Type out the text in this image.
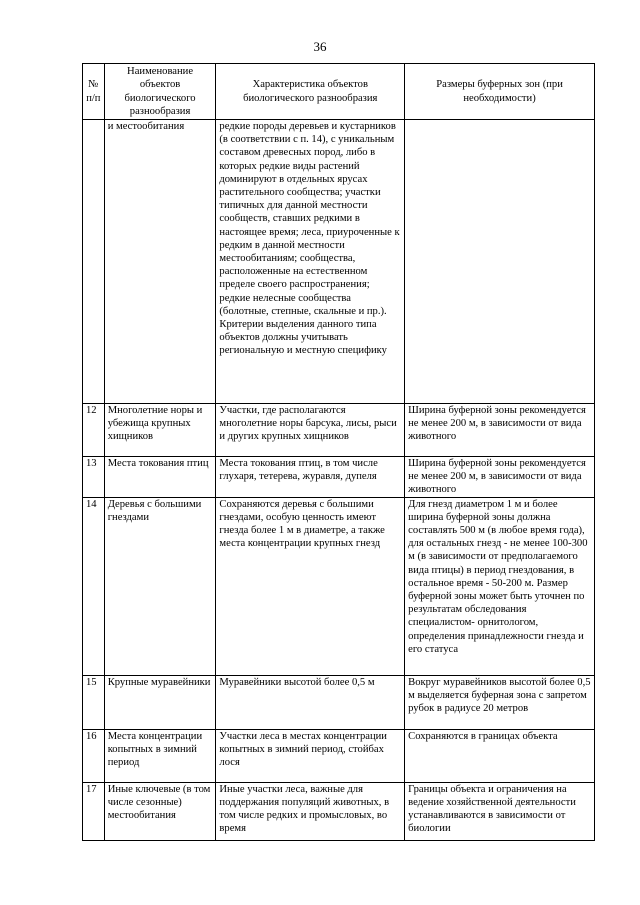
36
№ п/п	Наименование объектов биологического разнообразия	Характеристика объектов биологического разнообразия	Размеры буферных зон (при необходимости)
	и местообитания	редкие породы деревьев и кустарников (в соответствии с п. 14), с уникальным составом древесных пород, либо в которых редкие виды растений доминируют в отдельных ярусах растительного сообщества; участки типичных для данной местности сообществ, ставших редкими в настоящее время; леса, приуроченные к редким в данной местности местообитаниям; сообщества, расположенные на естественном пределе своего распространения; редкие нелесные сообщества (болотные, степные, скальные и пр.). Критерии выделения данного типа объектов должны учитывать региональную и местную специфику	
12	Многолетние норы и убежища крупных хищников	Участки, где располагаются многолетние норы барсука, лисы, рыси и других крупных хищников	Ширина буферной зоны рекомендуется не менее 200 м, в зависимости от вида животного
13	Места токования птиц	Места токования птиц, в том числе глухаря, тетерева, журавля, дупеля	Ширина буферной зоны рекомендуется не менее 200 м, в зависимости от вида животного
14	Деревья с большими гнездами	Сохраняются деревья с большими гнездами, особую ценность имеют гнезда более 1 м в диаметре, а также места концентрации крупных гнезд	Для гнезд диаметром 1 м и более ширина буферной зоны должна составлять 500 м (в любое время года), для остальных гнезд - не менее 100-300 м (в зависимости от предполагаемого вида птицы) в период гнездования, в остальное время - 50-200 м. Размер буферной зоны может быть уточнен по результатам обследования специалистом- орнитологом, определения принадлежности гнезда и его статуса
15	Крупные муравейники	Муравейники высотой более 0,5 м	Вокруг муравейников высотой более 0,5 м выделяется буферная зона с запретом рубок в радиусе 20 метров
16	Места концентрации копытных в зимний период	Участки леса в местах концентрации копытных в зимний период, стойбах лося	Сохраняются в границах объекта
17	Иные ключевые (в том числе сезонные) местообитания	Иные участки леса, важные для поддержания популяций животных, в том числе редких и промысловых, во время	Границы объекта и ограничения на ведение хозяйственной деятельности устанавливаются в зависимости от биологии
